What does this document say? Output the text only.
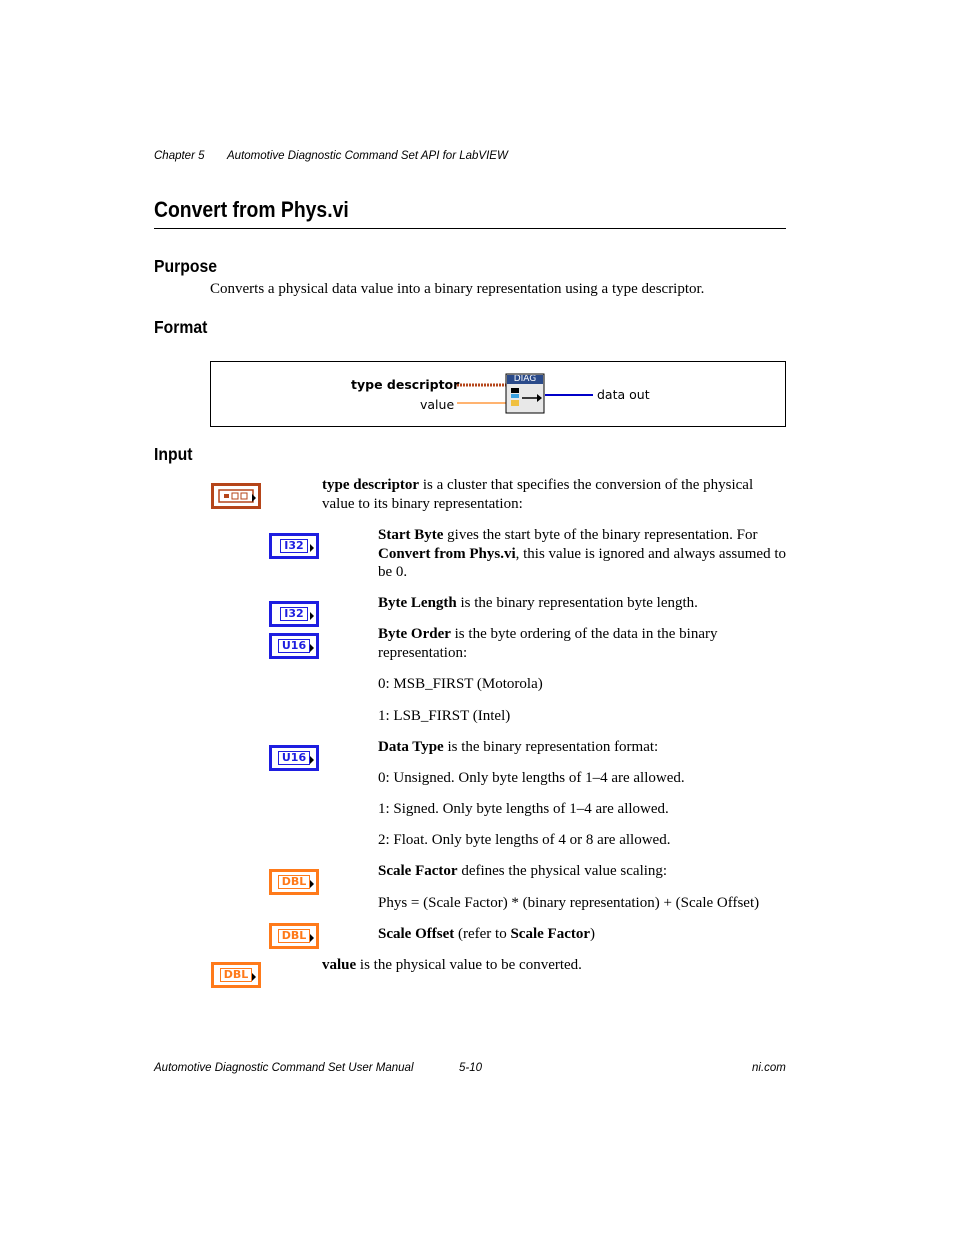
Chapter 5 Automotive Diagnostic Command Set API for LabVIEW
Convert from Phys.vi
Purpose
Converts a physical data value into a binary representation using a type descriptor.
Format
DIAG
type descriptor
value
data out
Input
I32
I32
U16
U16
DBL
DBL
DBL
type descriptor is a cluster that specifies the conversion of the physical value to its binary representation:
Start Byte gives the start byte of the binary representation. For Convert from Phys.vi, this value is ignored and always assumed to be 0.
Byte Length is the binary representation byte length.
Byte Order is the byte ordering of the data in the binary representation:
0: MSB_FIRST (Motorola)
1: LSB_FIRST (Intel)
Data Type is the binary representation format:
0: Unsigned. Only byte lengths of 1–4 are allowed.
1: Signed. Only byte lengths of 1–4 are allowed.
2: Float. Only byte lengths of 4 or 8 are allowed.
Scale Factor defines the physical value scaling:
Phys = (Scale Factor) * (binary representation) + (Scale Offset)
Scale Offset (refer to Scale Factor)
value is the physical value to be converted.
Automotive Diagnostic Command Set User Manual	5-10	ni.com
